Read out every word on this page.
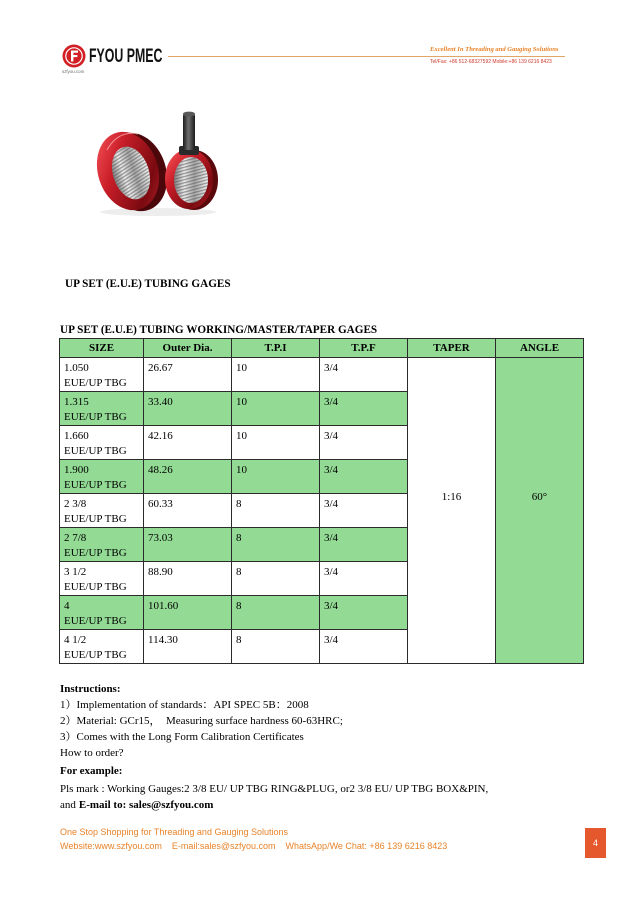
FYOU PMEC
szfyou.com
Excellent In Threading and Gauging Solutions
Tel/Fax: +86 512-68327592 Mobile:+86 139 6216 8423
UP SET (E.U.E) TUBING GAGES
UP SET (E.U.E) TUBING WORKING/MASTER/TAPER GAGES
SIZE	Outer Dia.	T.P.I	T.P.F	TAPER	ANGLE

1.050
EUE/UP TBG	26.67	10	3/4	1:16	60°

1.315
EUE/UP TBG	33.40	10	3/4		

1.660
EUE/UP TBG	42.16	10	3/4		

1.900
EUE/UP TBG	48.26	10	3/4		

2 3/8
EUE/UP TBG	60.33	8	3/4		

2 7/8
EUE/UP TBG	73.03	8	3/4		

3 1/2
EUE/UP TBG	88.90	8	3/4		

4
EUE/UP TBG	101.60	8	3/4		

4 1/2
EUE/UP TBG	114.30	8	3/4		
Instructions:
1）Implementation of standards：API SPEC 5B：2008
2）Material: GCr15，  Measuring surface hardness 60-63HRC;
3）Comes with the Long Form Calibration Certificates
How to order?
For example:
Pls mark : Working Gauges:2 3/8 EU/ UP TBG RING&PLUG, or2 3/8 EU/ UP TBG BOX&PIN,
and E-mail to: sales@szfyou.com
One Stop Shopping for Threading and Gauging Solutions
Website:www.szfyou.com E-mail:sales@szfyou.com WhatsApp/We Chat: +86 139 6216 8423	4
